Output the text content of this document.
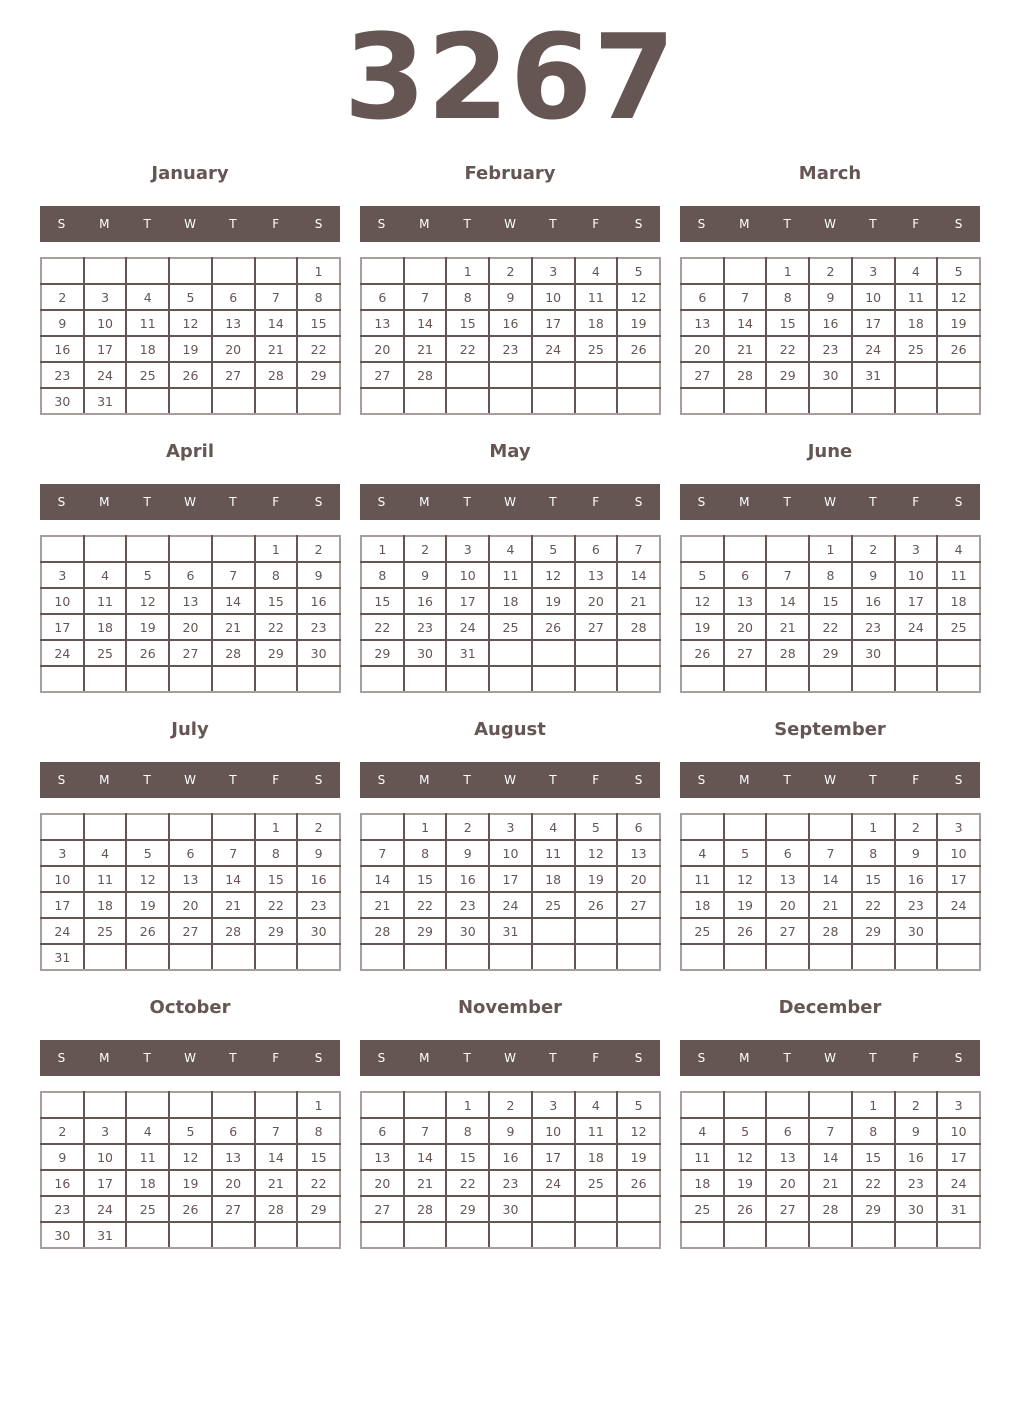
3267
January
S	M	T	W	T	F	S
						1
2	3	4	5	6	7	8
9	10	11	12	13	14	15
16	17	18	19	20	21	22
23	24	25	26	27	28	29
30	31					
February
S	M	T	W	T	F	S
		1	2	3	4	5
6	7	8	9	10	11	12
13	14	15	16	17	18	19
20	21	22	23	24	25	26
27	28					

March
S	M	T	W	T	F	S
		1	2	3	4	5
6	7	8	9	10	11	12
13	14	15	16	17	18	19
20	21	22	23	24	25	26
27	28	29	30	31		

April
S	M	T	W	T	F	S
					1	2
3	4	5	6	7	8	9
10	11	12	13	14	15	16
17	18	19	20	21	22	23
24	25	26	27	28	29	30

May
S	M	T	W	T	F	S
1	2	3	4	5	6	7
8	9	10	11	12	13	14
15	16	17	18	19	20	21
22	23	24	25	26	27	28
29	30	31				

June
S	M	T	W	T	F	S
			1	2	3	4
5	6	7	8	9	10	11
12	13	14	15	16	17	18
19	20	21	22	23	24	25
26	27	28	29	30		

July
S	M	T	W	T	F	S
					1	2
3	4	5	6	7	8	9
10	11	12	13	14	15	16
17	18	19	20	21	22	23
24	25	26	27	28	29	30
31						
August
S	M	T	W	T	F	S
	1	2	3	4	5	6
7	8	9	10	11	12	13
14	15	16	17	18	19	20
21	22	23	24	25	26	27
28	29	30	31			

September
S	M	T	W	T	F	S
				1	2	3
4	5	6	7	8	9	10
11	12	13	14	15	16	17
18	19	20	21	22	23	24
25	26	27	28	29	30	

October
S	M	T	W	T	F	S
						1
2	3	4	5	6	7	8
9	10	11	12	13	14	15
16	17	18	19	20	21	22
23	24	25	26	27	28	29
30	31					
November
S	M	T	W	T	F	S
		1	2	3	4	5
6	7	8	9	10	11	12
13	14	15	16	17	18	19
20	21	22	23	24	25	26
27	28	29	30			

December
S	M	T	W	T	F	S
				1	2	3
4	5	6	7	8	9	10
11	12	13	14	15	16	17
18	19	20	21	22	23	24
25	26	27	28	29	30	31
